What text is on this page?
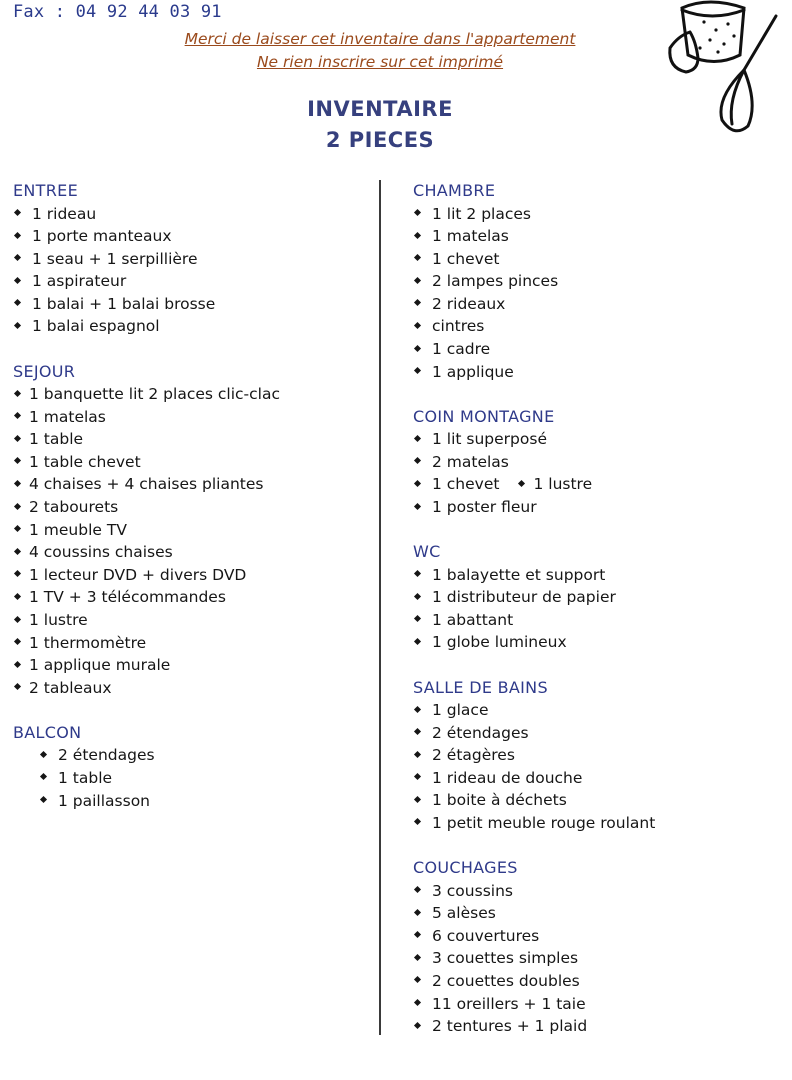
Fax : 04 92 44 03 91
Merci de laisser cet inventaire dans l'appartement
Ne rien inscrire sur cet imprimé
INVENTAIRE
2 PIECES
ENTREE
1 rideau
1 porte manteaux
1 seau + 1 serpillière
1 aspirateur
1 balai + 1 balai brosse
1 balai espagnol
SEJOUR
1 banquette lit 2 places clic-clac
1 matelas
1 table
1 table chevet
4 chaises + 4 chaises pliantes
2 tabourets
1 meuble TV
4 coussins chaises
1 lecteur DVD + divers DVD
1 TV + 3 télécommandes
1 lustre
1 thermomètre
1 applique murale
2 tableaux
BALCON
2 étendages
1 table
1 paillasson
CHAMBRE
1 lit 2 places
1 matelas
1 chevet
2 lampes pinces
2 rideaux
cintres
1 cadre
1 applique
COIN MONTAGNE
1 lit superposé
2 matelas
1 chevet 1 lustre
1 poster fleur
WC
1 balayette et support
1 distributeur de papier
1 abattant
1 globe lumineux
SALLE DE BAINS
1 glace
2 étendages
2 étagères
1 rideau de douche
1 boite à déchets
1 petit meuble rouge roulant
COUCHAGES
3 coussins
5 alèses
6 couvertures
3 couettes simples
2 couettes doubles
11 oreillers + 1 taie
2 tentures + 1 plaid
